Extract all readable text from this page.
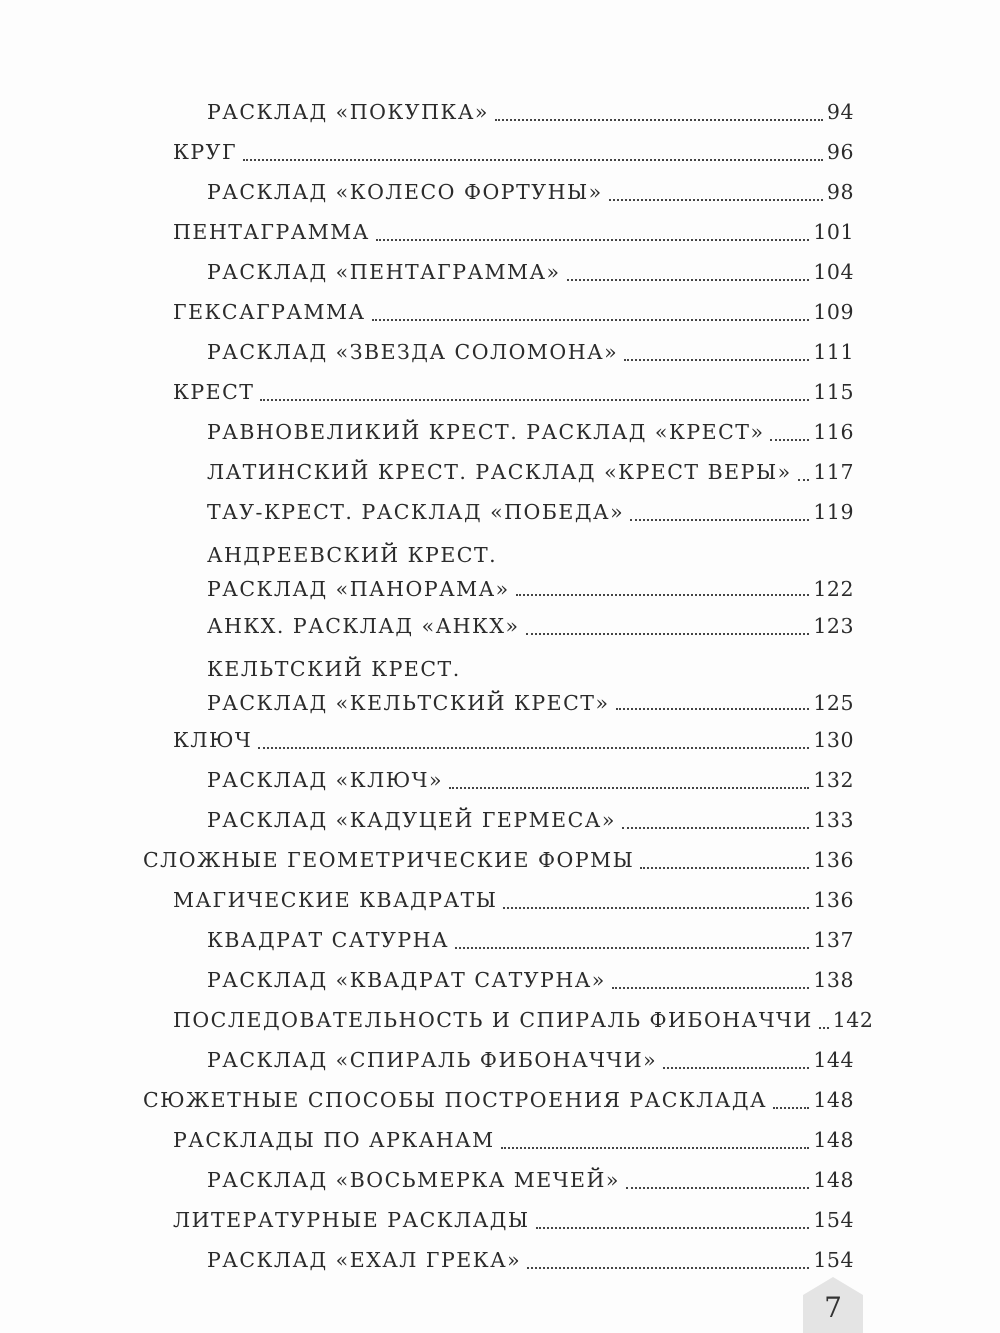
РАСКЛАД «ПОКУПКА»	94
КРУГ	96
РАСКЛАД «КОЛЕСО ФОРТУНЫ»	98
ПЕНТАГРАММА	101
РАСКЛАД «ПЕНТАГРАММА»	104
ГЕКСАГРАММА	109
РАСКЛАД «ЗВЕЗДА СОЛОМОНА»	111
КРЕСТ	115
РАВНОВЕЛИКИЙ КРЕСТ. РАСКЛАД «КРЕСТ» 116
ЛАТИНСКИЙ КРЕСТ. РАСКЛАД «КРЕСТ ВЕРЫ» 117
ТАУ-КРЕСТ. РАСКЛАД «ПОБЕДА»	119
АНДРЕЕВСКИЙ КРЕСТ.
РАСКЛАД «ПАНОРАМА»	122
АНКХ. РАСКЛАД «АНКХ»	123
КЕЛЬТСКИЙ КРЕСТ.
РАСКЛАД «КЕЛЬТСКИЙ КРЕСТ»	125
КЛЮЧ	130
РАСКЛАД «КЛЮЧ»	132
РАСКЛАД «КАДУЦЕЙ ГЕРМЕСА»	133
СЛОЖНЫЕ ГЕОМЕТРИЧЕСКИЕ ФОРМЫ	136
МАГИЧЕСКИЕ КВАДРАТЫ	136
КВАДРАТ САТУРНА	137
РАСКЛАД «КВАДРАТ САТУРНА»	138
ПОСЛЕДОВАТЕЛЬНОСТЬ И СПИРАЛЬ ФИБОНАЧЧИ 142
РАСКЛАД «СПИРАЛЬ ФИБОНАЧЧИ»	144
СЮЖЕТНЫЕ СПОСОБЫ ПОСТРОЕНИЯ РАСКЛАДА 148
РАСКЛАДЫ ПО АРКАНАМ	148
РАСКЛАД «ВОСЬМЕРКА МЕЧЕЙ»	148
ЛИТЕРАТУРНЫЕ РАСКЛАДЫ	154
РАСКЛАД «ЕХАЛ ГРЕКА»	154
7
